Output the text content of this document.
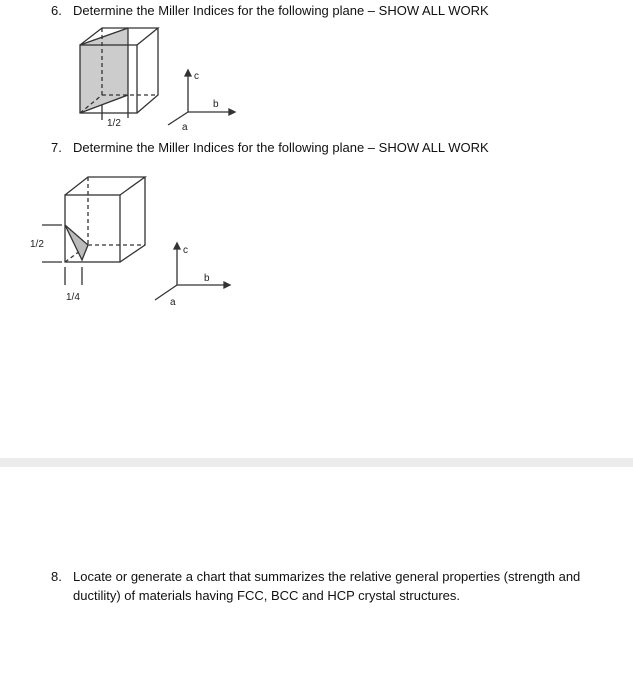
6. Determine the Miller Indices for the following plane – SHOW ALL WORK
7. Determine the Miller Indices for the following plane – SHOW ALL WORK
8. Locate or generate a chart that summarizes the relative general properties (strength and
ductility) of materials having FCC, BCC and HCP crystal structures.
1/2
c
b
a
1/2
1/4
c
b
a
